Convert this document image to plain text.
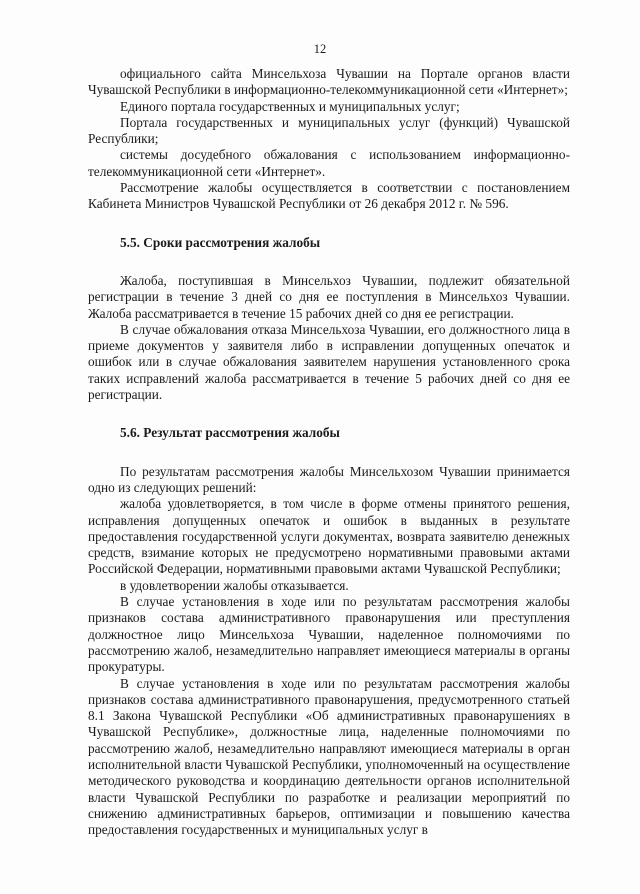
12

официального сайта Минсельхоза Чувашии на Портале органов власти Чувашской Республики в информационно-телекоммуникационной сети «Интернет»;

Единого портала государственных и муниципальных услуг;

Портала государственных и муниципальных услуг (функций) Чувашской Республики;

системы досудебного обжалования с использованием информационно-телекоммуникационной сети «Интернет».

Рассмотрение жалобы осуществляется в соответствии с постановлением Кабинета Министров Чувашской Республики от 26 декабря 2012 г. № 596.

5.5. Сроки рассмотрения жалобы

Жалоба, поступившая в Минсельхоз Чувашии, подлежит обязательной регистрации в течение 3 дней со дня ее поступления в Минсельхоз Чувашии. Жалоба рассматривается в течение 15 рабочих дней со дня ее регистрации.

В случае обжалования отказа Минсельхоза Чувашии, его должностного лица в приеме документов у заявителя либо в исправлении допущенных опечаток и ошибок или в случае обжалования заявителем нарушения установленного срока таких исправлений жалоба рассматривается в течение 5 рабочих дней со дня ее регистрации.

5.6. Результат рассмотрения жалобы

По результатам рассмотрения жалобы Минсельхозом Чувашии принимается одно из следующих решений:

жалоба удовлетворяется, в том числе в форме отмены принятого решения, исправления допущенных опечаток и ошибок в выданных в результате предоставления государственной услуги документах, возврата заявителю денежных средств, взимание которых не предусмотрено нормативными правовыми актами Российской Федерации, нормативными правовыми актами Чувашской Республики;

в удовлетворении жалобы отказывается.

В случае установления в ходе или по результатам рассмотрения жалобы признаков состава административного правонарушения или преступления должностное лицо Минсельхоза Чувашии, наделенное полномочиями по рассмотрению жалоб, незамедлительно направляет имеющиеся материалы в органы прокуратуры.

В случае установления в ходе или по результатам рассмотрения жалобы признаков состава административного правонарушения, предусмотренного статьей 8.1 Закона Чувашской Республики «Об административных правонарушениях в Чувашской Республике», должностные лица, наделенные полномочиями по рассмотрению жалоб, незамедлительно направляют имеющиеся материалы в орган исполнительной власти Чувашской Республики, уполномоченный на осуществление методического руководства и координацию деятельности органов исполнительной власти Чувашской Республики по разработке и реализации мероприятий по снижению административных барьеров, оптимизации и повышению качества предоставления государственных и муниципальных услуг в
